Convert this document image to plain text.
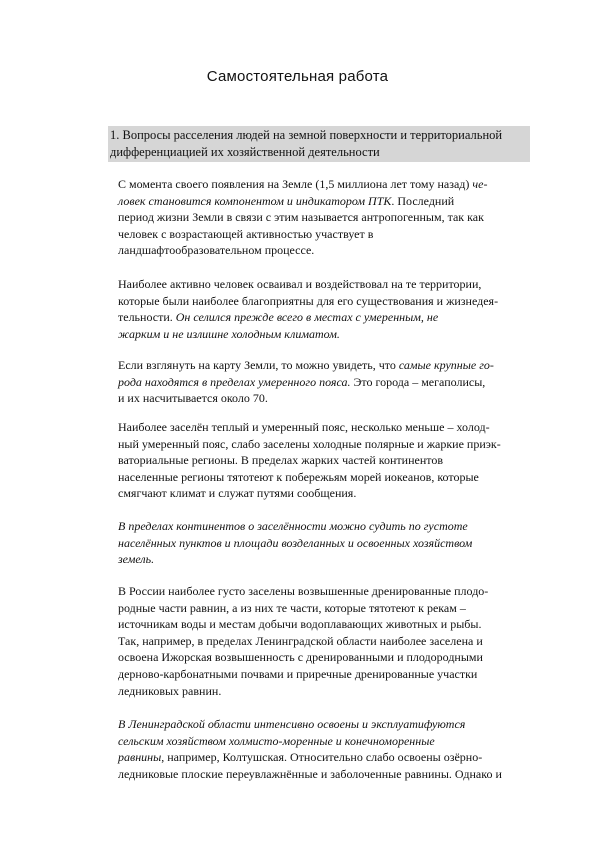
Самостоятельная работа
1. Вопросы расселения людей на земной поверхности и территориальной
дифференциацией их хозяйственной деятельности
С момента своего появления на Земле (1,5 миллиона лет тому назад) че-
ловек становится компонентом и индикатором ПТК. Последний
период жизни Земли в связи с этим называется антропогенным, так как
человек с возрастающей активностью участвует в
ландшафтообразовательном процессе.
Наиболее активно человек осваивал и воздействовал на те территории,
которые были наиболее благоприятны для его существования и жизнедея-
тельности. Он селился прежде всего в местах с умеренным, не
жарким и не излишне холодным климатом.
Если взглянуть на карту Земли, то можно увидеть, что самые крупные го-
рода находятся в пределах умеренного пояса. Это города – мегаполисы,
и их насчитывается около 70.
Наиболее заселён теплый и умеренный пояс, несколько меньше – холод-
ный умеренный пояс, слабо заселены холодные полярные и жаркие приэк-
ваториальные регионы. В пределах жарких частей континентов
населенные регионы тятотеют к побережьям морей иокеанов, которые
смягчают климат и служат путями сообщения.
В пределах континентов о заселённости можно судить по густоте
населённых пунктов и площади возделанных и освоенных хозяйством
земель.
В России наиболее густо заселены возвышенные дренированные плодо-
родные части равнин, а из них те части, которые тятотеют к рекам –
источникам воды и местам добычи водоплавающих животных и рыбы.
Так, например, в пределах Ленинградской области наиболее заселена и
освоена Ижорская возвышенность с дренированными и плодородными
дерново-карбонатными почвами и приречные дренированные участки
ледниковых равнин.
В Ленинградской области интенсивно освоены и эксплуатифуются
сельским хозяйством холмисто-моренные и конечноморенные
равнины, например, Колтушская. Относительно слабо освоены озёрно-
ледниковые плоские переувлажнённые и заболоченные равнины. Однако и
